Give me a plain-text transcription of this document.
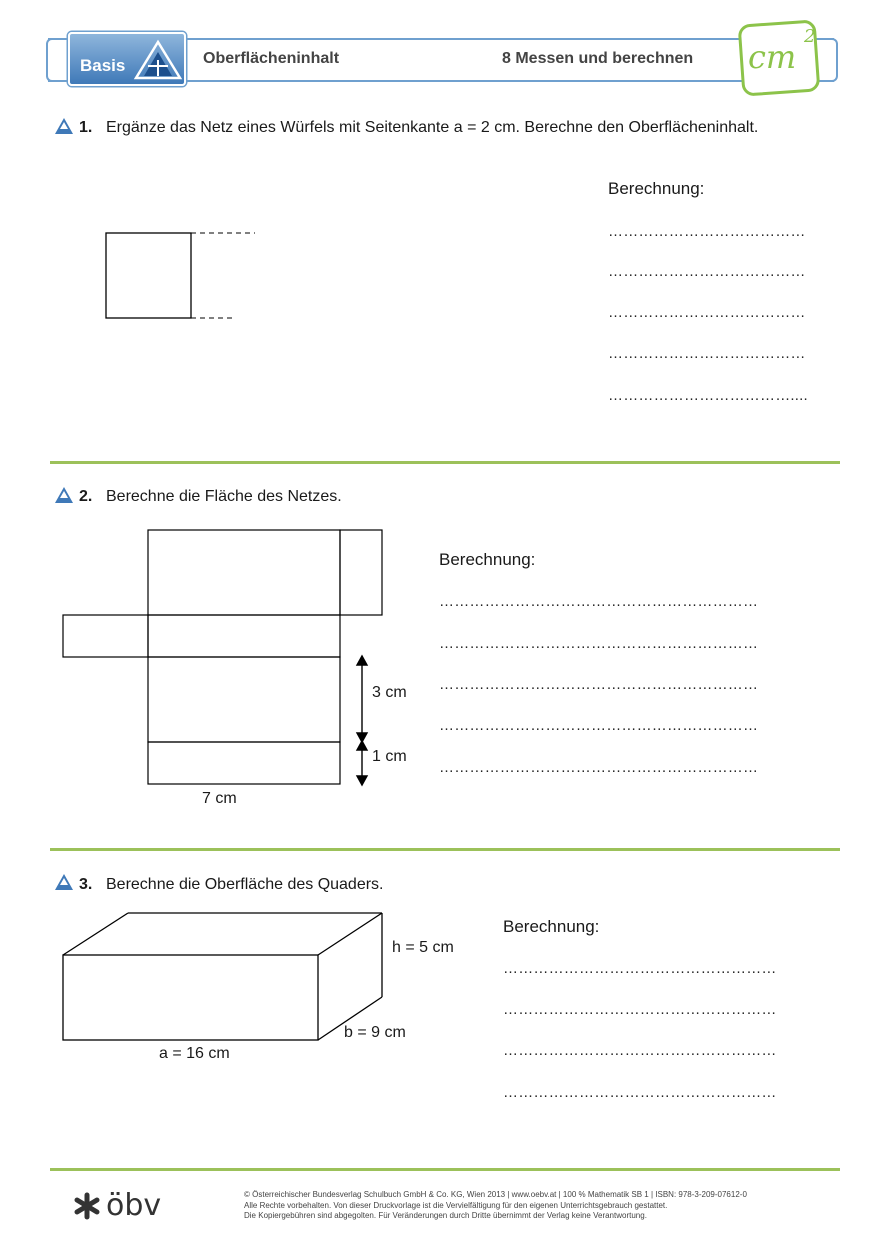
Basis	Oberflächeninhalt	8 Messen und berechnen cm
2
1. Ergänze das Netz eines Würfels mit Seitenkante a = 2 cm. Berechne den Oberflächeninhalt.
Berechnung:
…………………………………
…………………………………
…………………………………
…………………………………
………………………………....
2. Berechne die Fläche des Netzes.
3 cm
1 cm
7 cm
Berechnung:
………………………………………………………
………………………………………………………
………………………………………………………
………………………………………………………
………………………………………………………
3. Berechne die Oberfläche des Quaders.
h = 5 cm
b = 9 cm
a = 16 cm
Berechnung:
………………………………………………
………………………………………………
………………………………………………
………………………………………………
öbv	© Österreichischer Bundesverlag Schulbuch GmbH & Co. KG, Wien 2013 | www.oebv.at | 100 % Mathematik SB 1 | ISBN: 978-3-209-07612-0
Alle Rechte vorbehalten. Von dieser Druckvorlage ist die Vervielfältigung für den eigenen Unterrichtsgebrauch gestattet.
Die Kopiergebühren sind abgegolten. Für Veränderungen durch Dritte übernimmt der Verlag keine Verantwortung.
